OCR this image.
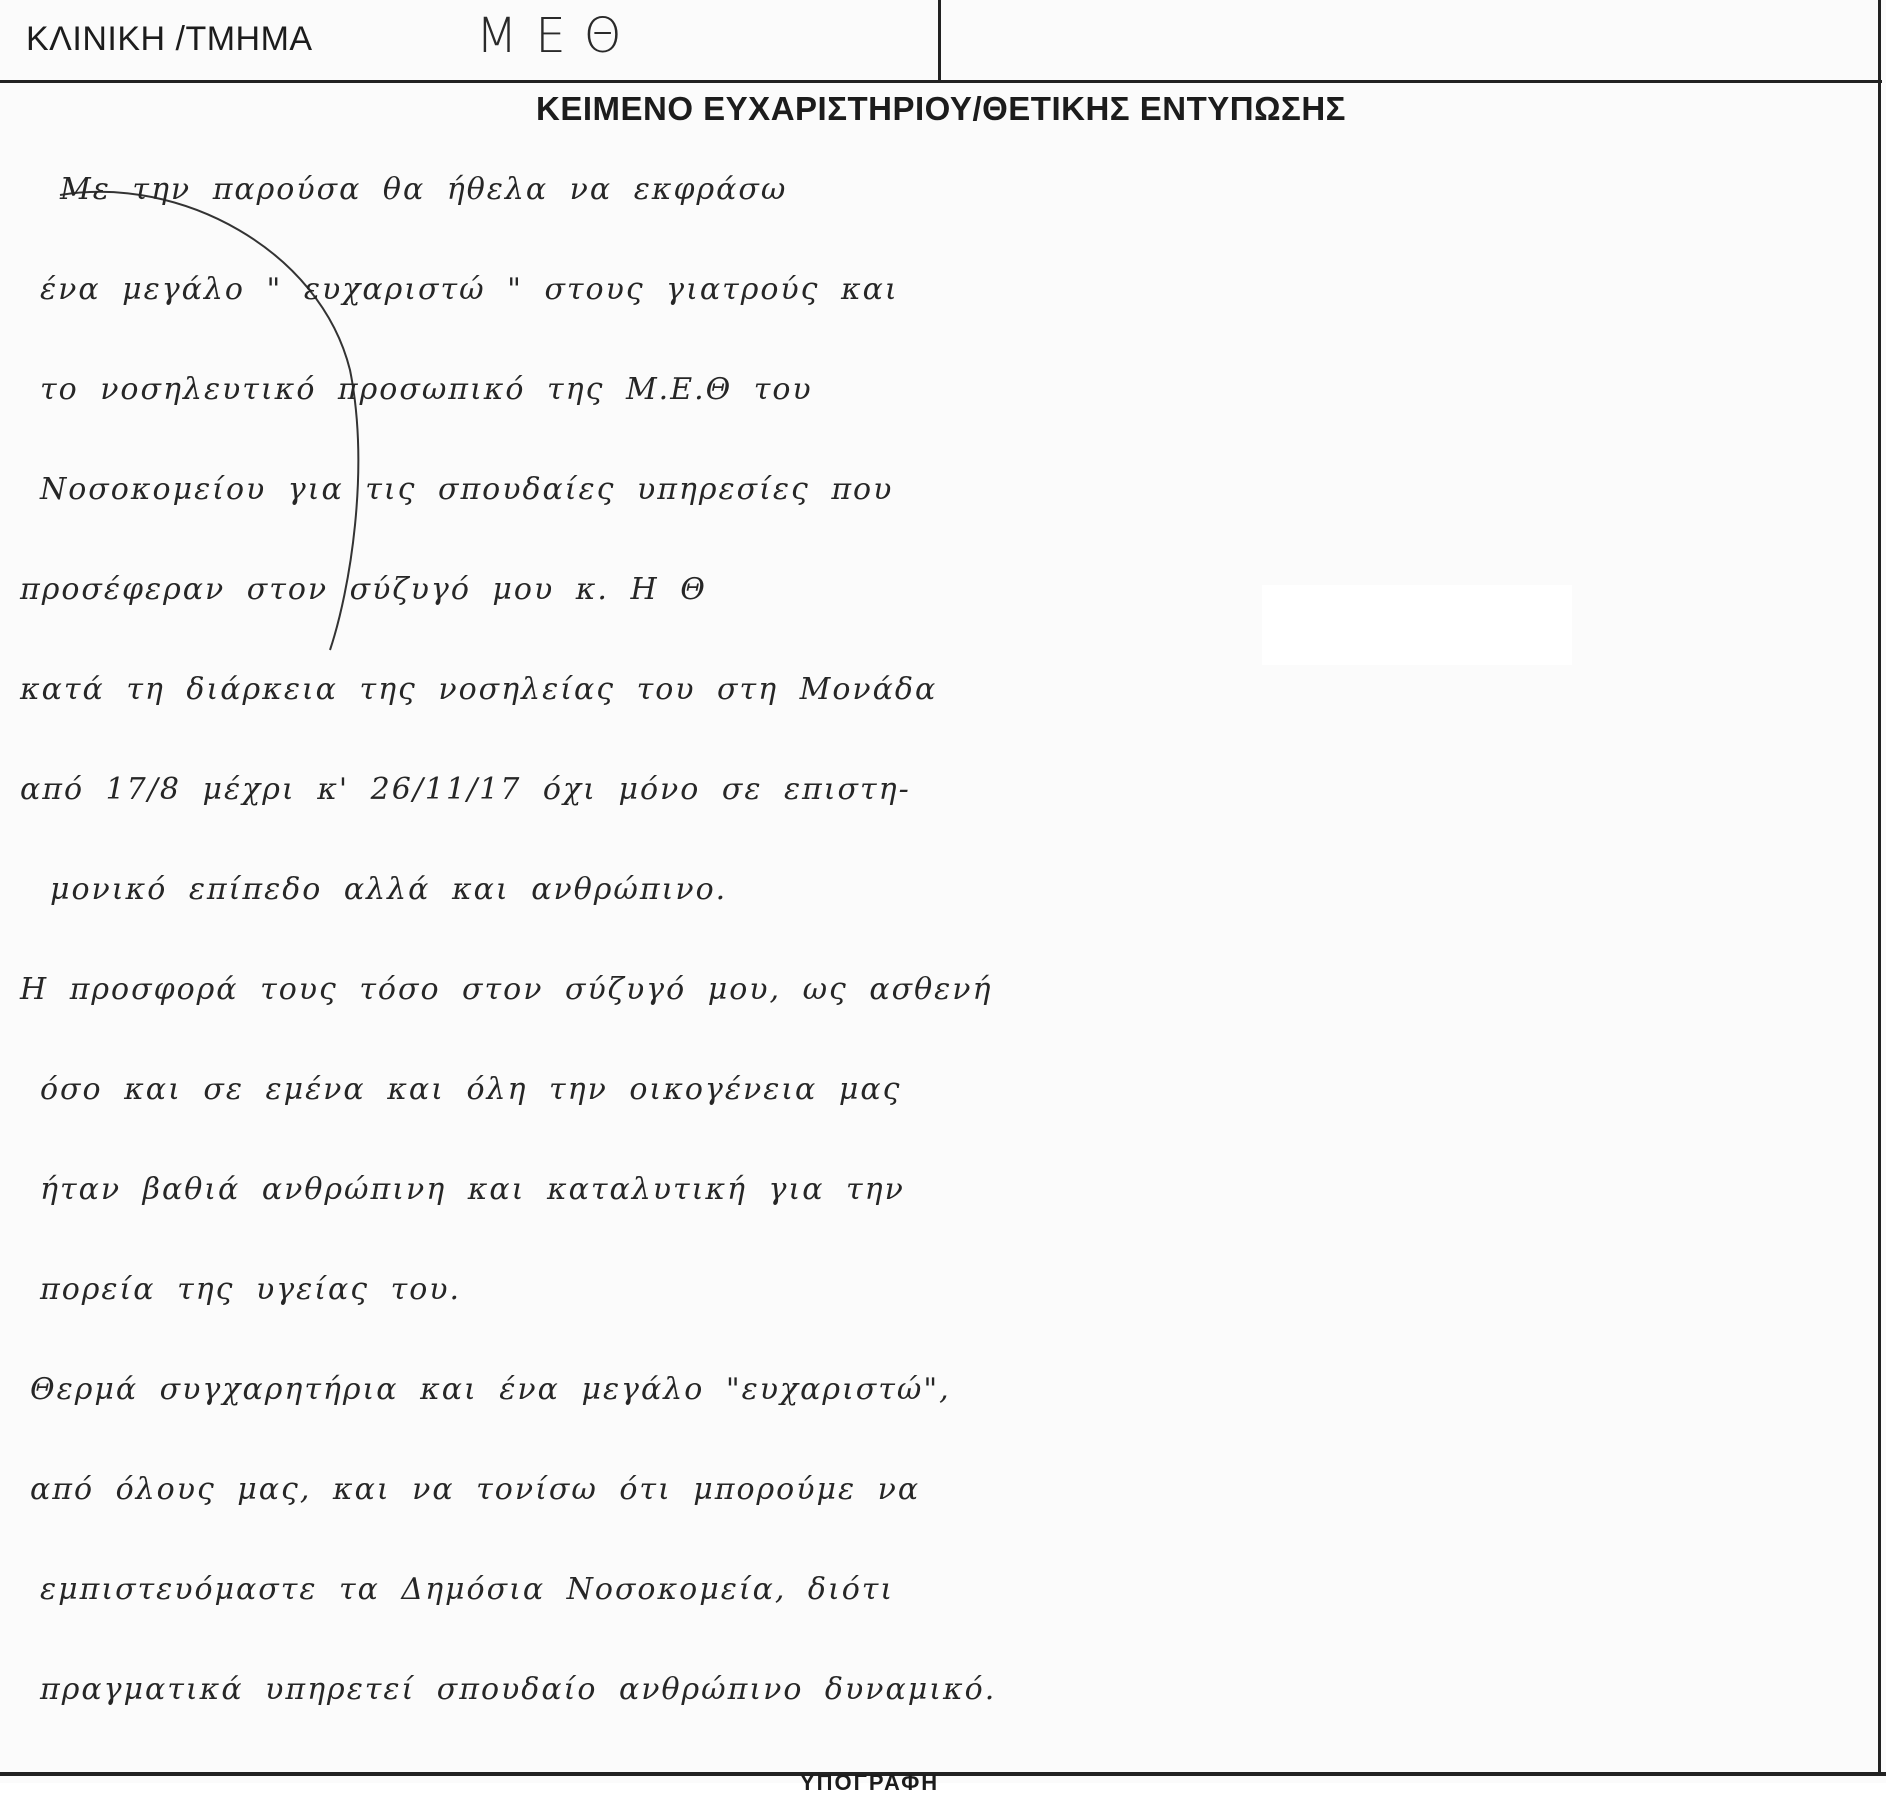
ΚΛΙΝΙΚΗ /ΤΜΗΜΑ	ΜΕΘ
ΚΕΙΜΕΝΟ ΕΥΧΑΡΙΣΤΗΡΙΟΥ/ΘΕΤΙΚΗΣ ΕΝΤΥΠΩΣΗΣ
Με την παρούσα θα ήθελα να εκφράσω
ένα μεγάλο " ευχαριστώ " στους γιατρούς και
το νοσηλευτικό προσωπικό της Μ.Ε.Θ του
Νοσοκομείου για τις σπουδαίες υπηρεσίες που
προσέφεραν στον σύζυγό μου κ. Η Θ
κατά τη διάρκεια της νοσηλείας του στη Μονάδα
από 17/8 μέχρι κ' 26/11/17 όχι μόνο σε επιστη-
μονικό επίπεδο αλλά και ανθρώπινο.
Η προσφορά τους τόσο στον σύζυγό μου, ως ασθενή
όσο και σε εμένα και όλη την οικογένεια μας
ήταν βαθιά ανθρώπινη και καταλυτική για την
πορεία της υγείας του.
Θερμά συγχαρητήρια και ένα μεγάλο "ευχαριστώ",
από όλους μας, και να τονίσω ότι μπορούμε να
εμπιστευόμαστε τα Δημόσια Νοσοκομεία, διότι
πραγματικά υπηρετεί σπουδαίο ανθρώπινο δυναμικό.
ΥΠΟΓΡΑΦΗ
